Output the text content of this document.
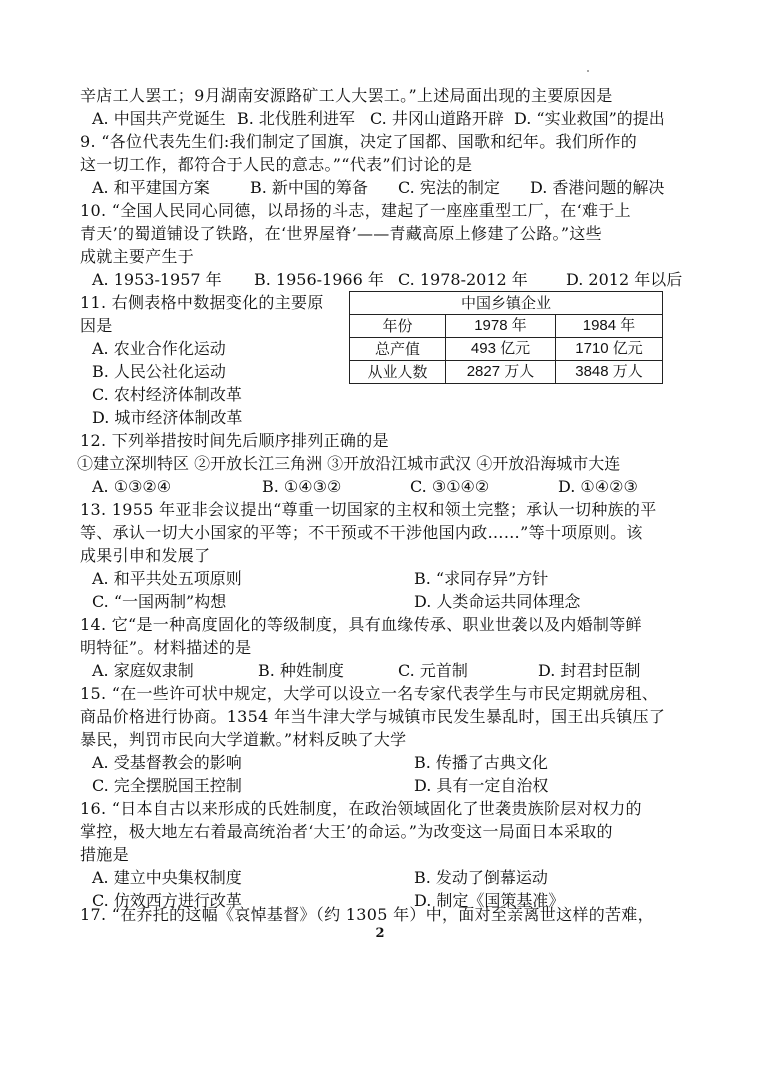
辛店工人罢工；9月湖南安源路矿工人大罢工。”上述局面出现的主要原因是
A. 中国共产党诞生 B. 北伐胜利进军 C. 井冈山道路开辟 D. “实业救国”的提出
9. “各位代表先生们:我们制定了国旗，决定了国都、国歌和纪年。我们所作的
这一切工作，都符合于人民的意志。”“代表”们讨论的是
A. 和平建国方案	B. 新中国的筹备 C. 宪法的制定 D. 香港问题的解决
10. “全国人民同心同德，以昂扬的斗志，建起了一座座重型工厂，在‘难于上
青天’的蜀道铺设了铁路，在‘世界屋脊’——青藏高原上修建了公路。”这些
成就主要产生于
A. 1953-1957 年 B. 1956-1966 年 C. 1978-2012 年 D. 2012 年以后
11. 右侧表格中数据变化的主要原
因是
A. 农业合作化运动
B. 人民公社化运动
C. 农村经济体制改革
D. 城市经济体制改革
中国乡镇企业		
年份	1978 年	1984 年
总产值	493 亿元	1710 亿元
从业人数	2827 万人	3848 万人
12. 下列举措按时间先后顺序排列正确的是
①建立深圳特区 ②开放长江三角洲 ③开放沿江城市武汉 ④开放沿海城市大连
A. ①③②④	B. ①④③②	C. ③①④②	D. ①④②③
13. 1955 年亚非会议提出“尊重一切国家的主权和领土完整；承认一切种族的平
等、承认一切大小国家的平等；不干预或不干涉他国内政……”等十项原则。该
成果引申和发展了
A. 和平共处五项原则	B. “求同存异”方针
C. “一国两制”构想	D. 人类命运共同体理念
14. 它“是一种高度固化的等级制度，具有血缘传承、职业世袭以及内婚制等鲜
明特征”。材料描述的是
A. 家庭奴隶制	B. 种姓制度	C. 元首制	D. 封君封臣制
15. “在一些许可状中规定，大学可以设立一名专家代表学生与市民定期就房租、
商品价格进行协商。1354 年当牛津大学与城镇市民发生暴乱时，国王出兵镇压了
暴民，判罚市民向大学道歉。”材料反映了大学
A. 受基督教会的影响	B. 传播了古典文化
C. 完全摆脱国王控制	D. 具有一定自治权
16. “日本自古以来形成的氏姓制度，在政治领域固化了世袭贵族阶层对权力的
掌控，极大地左右着最高统治者‘大王’的命运。”为改变这一局面日本采取的
措施是
A. 建立中央集权制度	B. 发动了倒幕运动
C. 仿效西方进行改革	D. 制定《国策基准》
17. “在乔托的这幅《哀悼基督》（约 1305 年）中，面对至亲离世这样的苦难，
2
